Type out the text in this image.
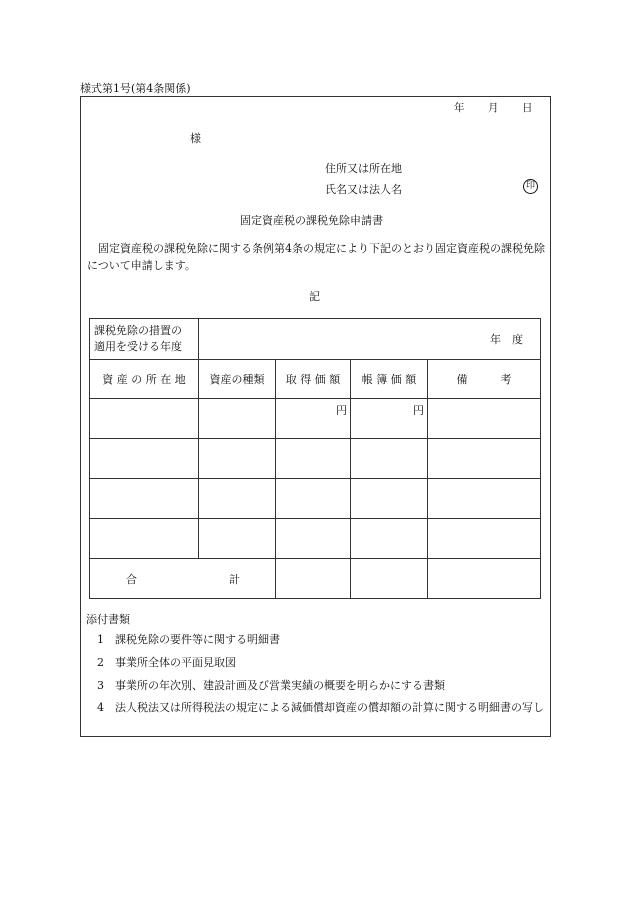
様式第1号(第4条関係)
年 月 日
様
住所又は所在地
氏名又は法人名	印
固定資産税の課税免除申請書
固定資産税の課税免除に関する条例第4条の規定により下記のとおり固定資産税の課税免除について申請します。
記
課税免除の措置の
適用を受ける年度	年　度			
資 産 の 所 在 地	資産の種類	取 得 価 額	帳 簿 価 額	備　　　考
		円	円	

合 計				
添付書類
1　 課税免除の要件等に関する明細書
2　 事業所全体の平面見取図
3　 事業所の年次別、建設計画及び営業実績の概要を明らかにする書類
4　 法人税法又は所得税法の規定による減価償却資産の償却額の計算に関する明細書の写し
